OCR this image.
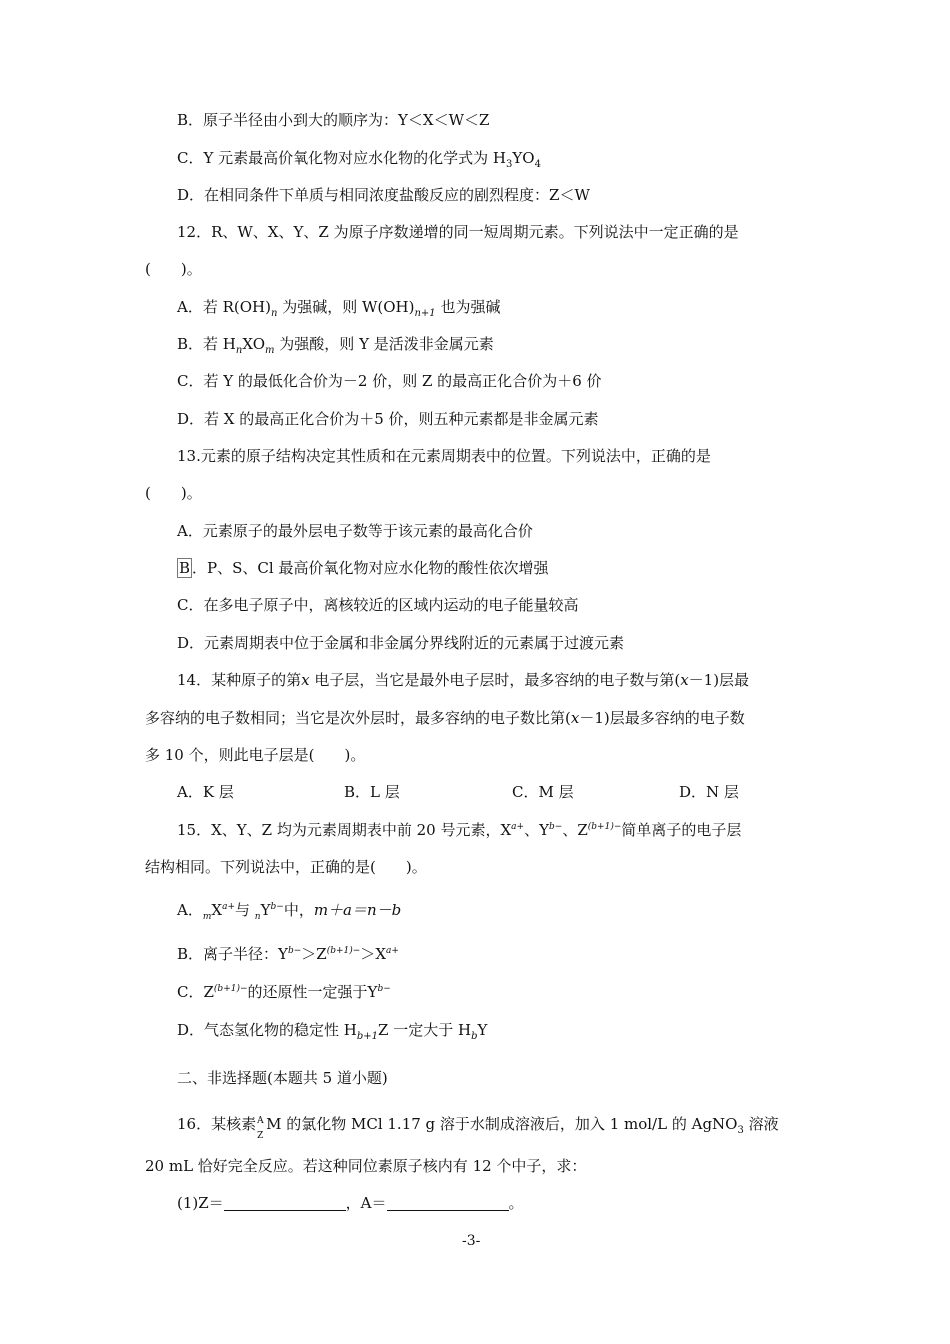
B．原子半径由小到大的顺序为：Y＜X＜W＜Z
C．Y 元素最高价氧化物对应水化物的化学式为 $H_3YO_4$
D．在相同条件下单质与相同浓度盐酸反应的剧烈程度：Z＜W
12．R、W、X、Y、Z 为原子序数递增的同一短周期元素。下列说法中一定正确的是
(　　)。
A．若 $R(OH)_n$ 为强碱，则 $W(OH)_{n+1}$ 也为强碱
B．若 $H_nXO_m$ 为强酸，则 Y 是活泼非金属元素
C．若 Y 的最低化合价为－2 价，则 Z 的最高正化合价为＋6 价
D．若 X 的最高正化合价为＋5 价，则五种元素都是非金属元素
13.元素的原子结构决定其性质和在元素周期表中的位置。下列说法中，正确的是
(　　)。
A．元素原子的最外层电子数等于该元素的最高化合价
B ．P、S、Cl 最高价氧化物对应水化物的酸性依次增强
C．在多电子原子中，离核较近的区域内运动的电子能量较高
D．元素周期表中位于金属和非金属分界线附近的元素属于过渡元素
14．某种原子的第x 电子层，当它是最外电子层时，最多容纳的电子数与第(x－1)层最
多容纳的电子数相同；当它是次外层时，最多容纳的电子数比第(x－1)层最多容纳的电子数
多 10 个，则此电子层是(　　)。
A．K 层	B．L 层	C．M 层	D．N 层
15．X、Y、Z 均为元素周期表中前 20 号元素，$X^{a+}$、$Y^{b-}$、$Z^{(b+1)-}$简单离子的电子层
结构相同。下列说法中，正确的是(　　)。
A．$_mX^{a+}$与 $_nY^{b-}$中，m＋a＝n－b
B．离子半径：$Y^{b-}>Z^{(b+1)-}>X^{a+}$
C．$Z^{(b+1)-}$的还原性一定强于$Y^{b-}$
D．气态氢化物的稳定性 $H_{b+1}Z$ 一定大于 $H_bY$
二、非选择题(本题共 5 道小题)
16．某核素 A
Z
M 的氯化物 MCl 1.17 g 溶于水制成溶液后，加入 1 mol/L 的 AgNO$_3$ 溶液
20 mL 恰好完全反应。若这种同位素原子核内有 12 个中子，求：
(1)Z＝	，A＝	。
-3-
